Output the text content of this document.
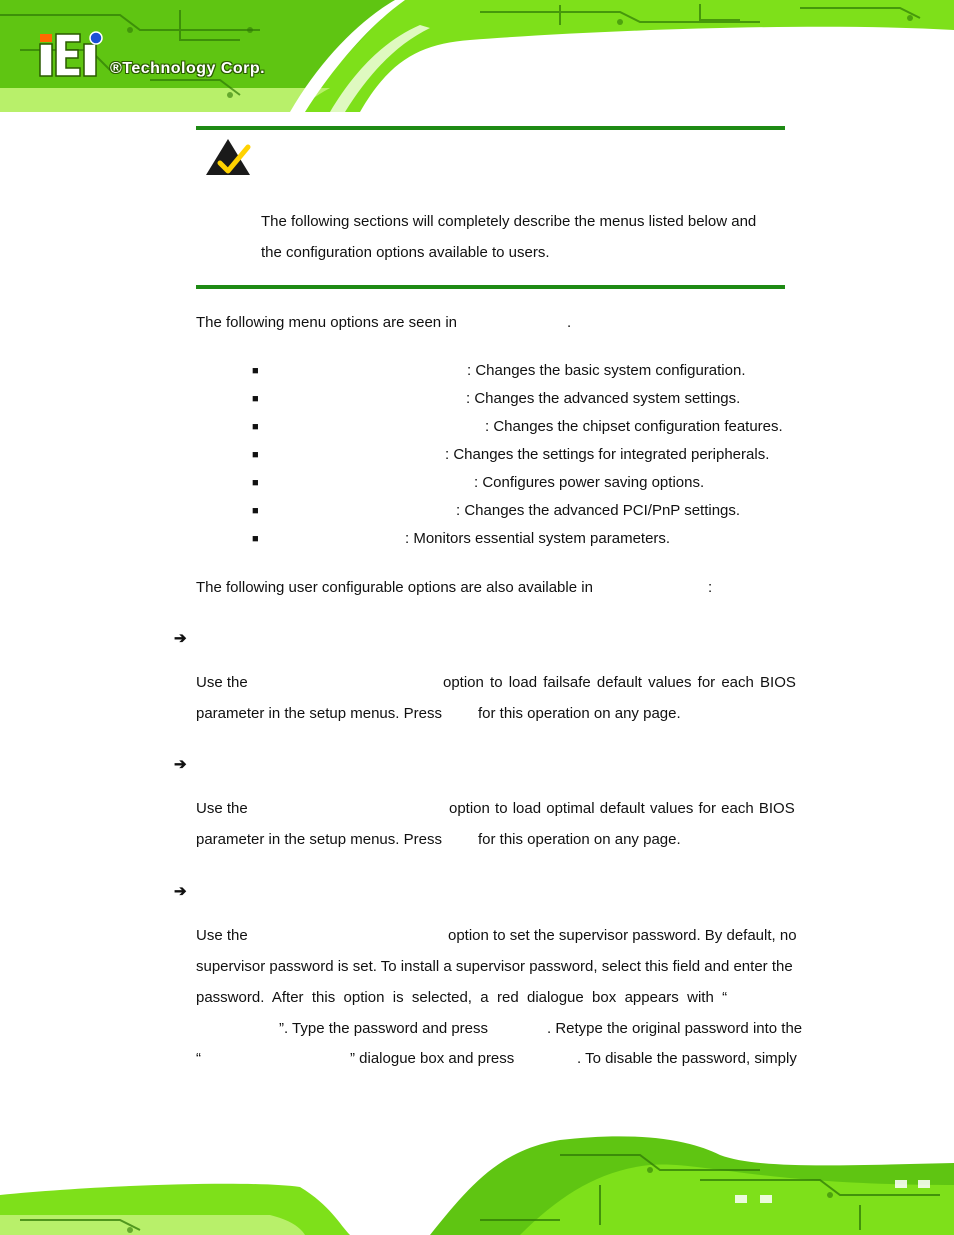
®Technology Corp.
The following sections will completely describe the menus listed below and
the configuration options available to users.
The following menu options are seen in	.
■	: Changes the basic system configuration.
■	: Changes the advanced system settings.
■	: Changes the chipset configuration features.
■	: Changes the settings for integrated peripherals.
■	: Configures power saving options.
■	: Changes the advanced PCI/PnP settings.
■	: Monitors essential system parameters.
The following user configurable options are also available in	:
➔
Use the	option to load failsafe default values for each BIOS
parameter in the setup menus. Press for this operation on any page.
➔
Use the	option to load optimal default values for each BIOS
parameter in the setup menus. Press for this operation on any page.
➔
Use the	option to set the supervisor password. By default, no
supervisor password is set. To install a supervisor password, select this field and enter the
password.  After  this  option  is  selected,  a  red  dialogue  box  appears  with  “
”. Type the password and press	. Retype the original password into the
“	” dialogue box and press	. To disable the password, simply
